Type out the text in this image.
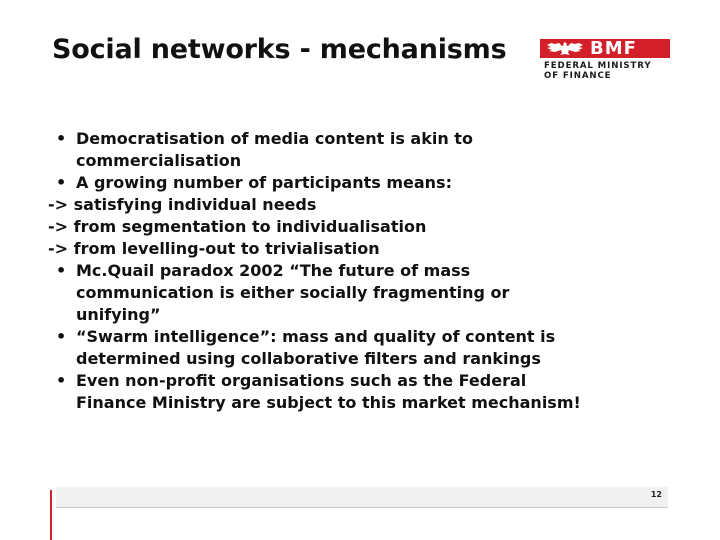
Social networks - mechanisms	BMF
FEDERAL MINISTRY
OF FINANCE
• Democratisation of media content is akin to
commercialisation
• A growing number of participants means:
-> satisfying individual needs
-> from segmentation to individualisation
-> from levelling-out to trivialisation
• Mc.Quail paradox 2002 “The future of mass
communication is either socially fragmenting or
unifying”
• “Swarm intelligence”: mass and quality of content is
determined using collaborative filters and rankings
• Even non-profit organisations such as the Federal
Finance Ministry are subject to this market mechanism!
12
